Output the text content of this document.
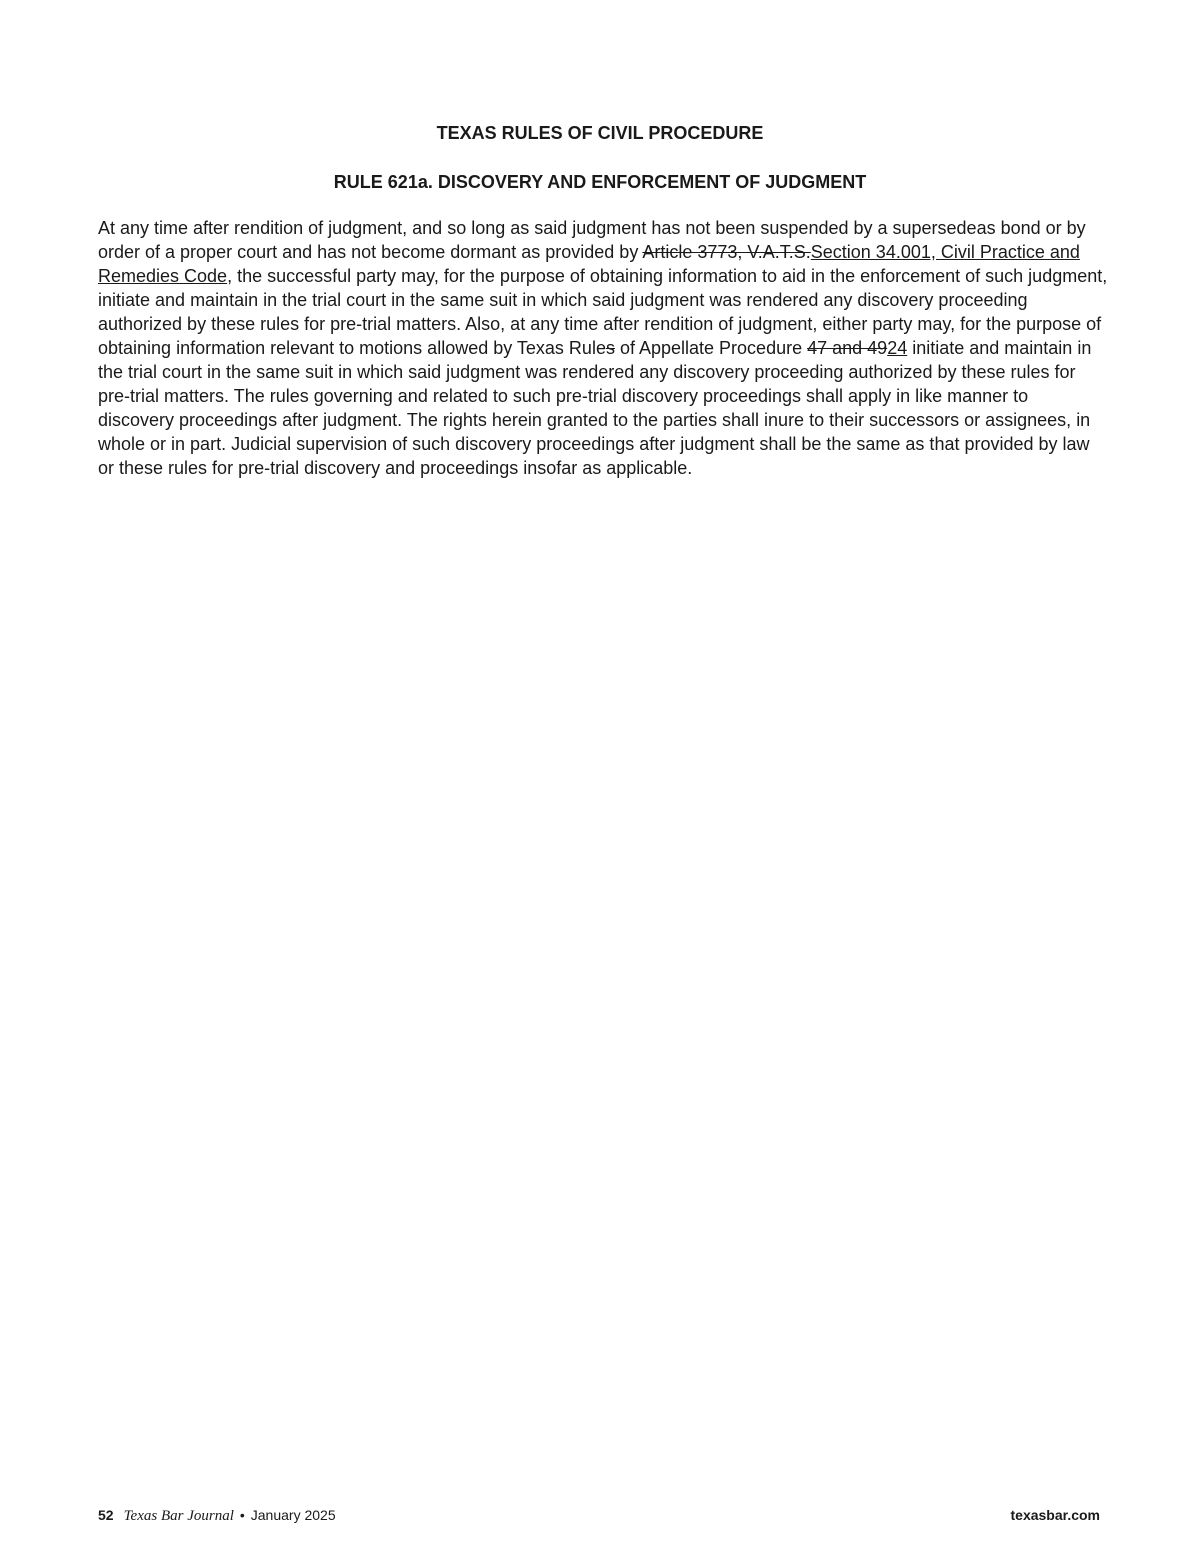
TEXAS RULES OF CIVIL PROCEDURE
RULE 621a. DISCOVERY AND ENFORCEMENT OF JUDGMENT

At any time after rendition of judgment, and so long as said judgment has not been suspended by a supersedeas bond or by order of a proper court and has not become dormant as provided by Article 3773, V.A.T.S.Section 34.001, Civil Practice and Remedies Code, the successful party may, for the purpose of obtaining information to aid in the enforcement of such judgment, initiate and maintain in the trial court in the same suit in which said judgment was rendered any discovery proceeding authorized by these rules for pre-trial matters. Also, at any time after rendition of judgment, either party may, for the purpose of obtaining information relevant to motions allowed by Texas Rules of Appellate Procedure 47 and 4924 initiate and maintain in the trial court in the same suit in which said judgment was rendered any discovery proceeding authorized by these rules for pre-trial matters. The rules governing and related to such pre-trial discovery proceedings shall apply in like manner to discovery proceedings after judgment. The rights herein granted to the parties shall inure to their successors or assignees, in whole or in part. Judicial supervision of such discovery proceedings after judgment shall be the same as that provided by law or these rules for pre-trial discovery and proceedings insofar as applicable.

52 Texas Bar Journal • January 2025	texasbar.com
